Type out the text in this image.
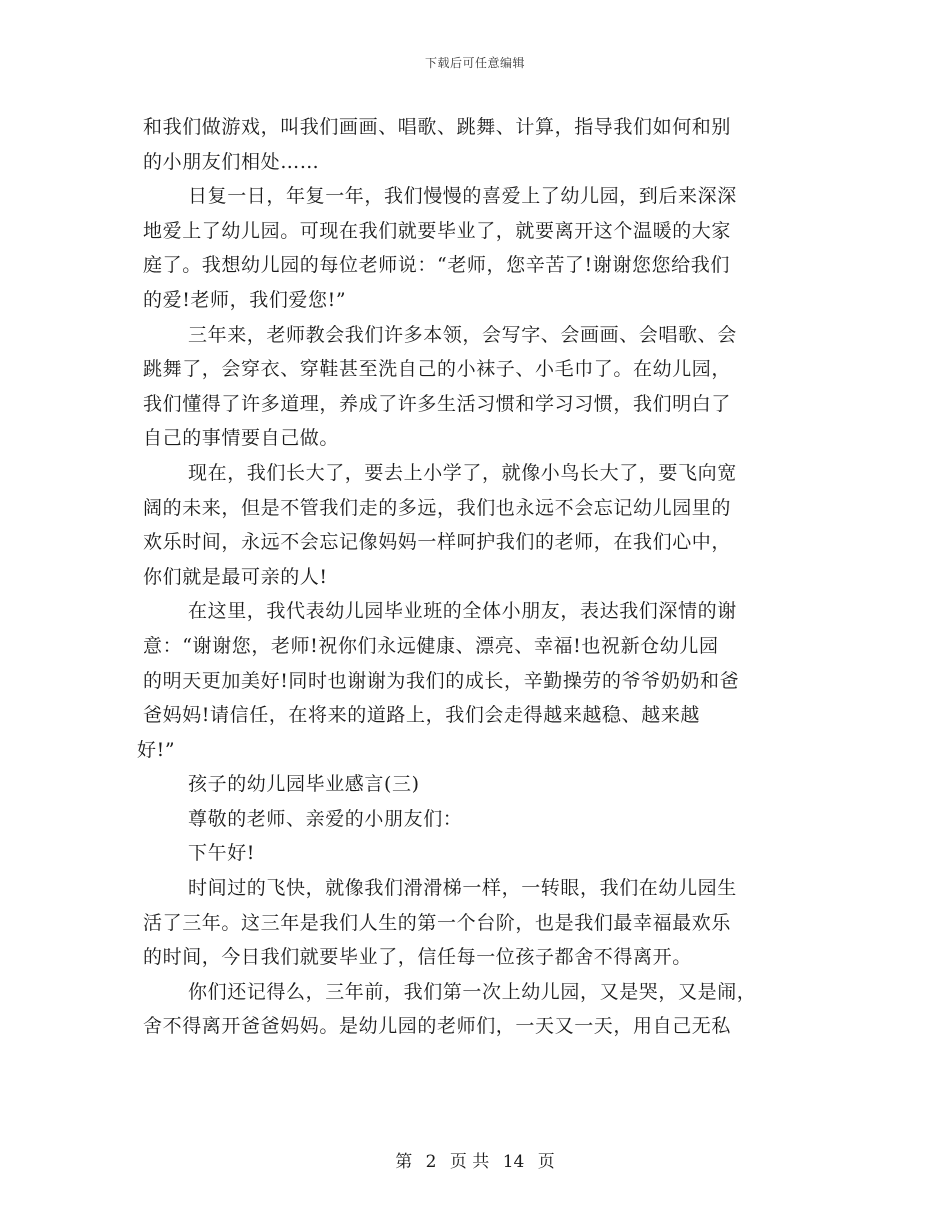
下载后可任意编辑
和我们做游戏，叫我们画画、唱歌、跳舞、计算，指导我们如何和别
的小朋友们相处……
日复一日，年复一年，我们慢慢的喜爱上了幼儿园，到后来深深
地爱上了幼儿园。可现在我们就要毕业了，就要离开这个温暖的大家
庭了。我想幼儿园的每位老师说：“老师，您辛苦了!谢谢您您给我们
的爱!老师，我们爱您!”
三年来，老师教会我们许多本领，会写字、会画画、会唱歌、会
跳舞了，会穿衣、穿鞋甚至洗自己的小袜子、小毛巾了。在幼儿园，
我们懂得了许多道理，养成了许多生活习惯和学习习惯，我们明白了
自己的事情要自己做。
现在，我们长大了，要去上小学了，就像小鸟长大了，要飞向宽
阔的未来，但是不管我们走的多远，我们也永远不会忘记幼儿园里的
欢乐时间，永远不会忘记像妈妈一样呵护我们的老师，在我们心中，
你们就是最可亲的人!
在这里，我代表幼儿园毕业班的全体小朋友，表达我们深情的谢
意：“谢谢您，老师!祝你们永远健康、漂亮、幸福!也祝新仓幼儿园
的明天更加美好!同时也谢谢为我们的成长，辛勤操劳的爷爷奶奶和爸
爸妈妈!请信任，在将来的道路上，我们会走得越来越稳、越来越
好!”
孩子的幼儿园毕业感言(三)
尊敬的老师、亲爱的小朋友们：
下午好!
时间过的飞快，就像我们滑滑梯一样，一转眼，我们在幼儿园生
活了三年。这三年是我们人生的第一个台阶，也是我们最幸福最欢乐
的时间，今日我们就要毕业了，信任每一位孩子都舍不得离开。
你们还记得么，三年前，我们第一次上幼儿园，又是哭，又是闹，
舍不得离开爸爸妈妈。是幼儿园的老师们，一天又一天，用自己无私
第 2 页 共 14 页
